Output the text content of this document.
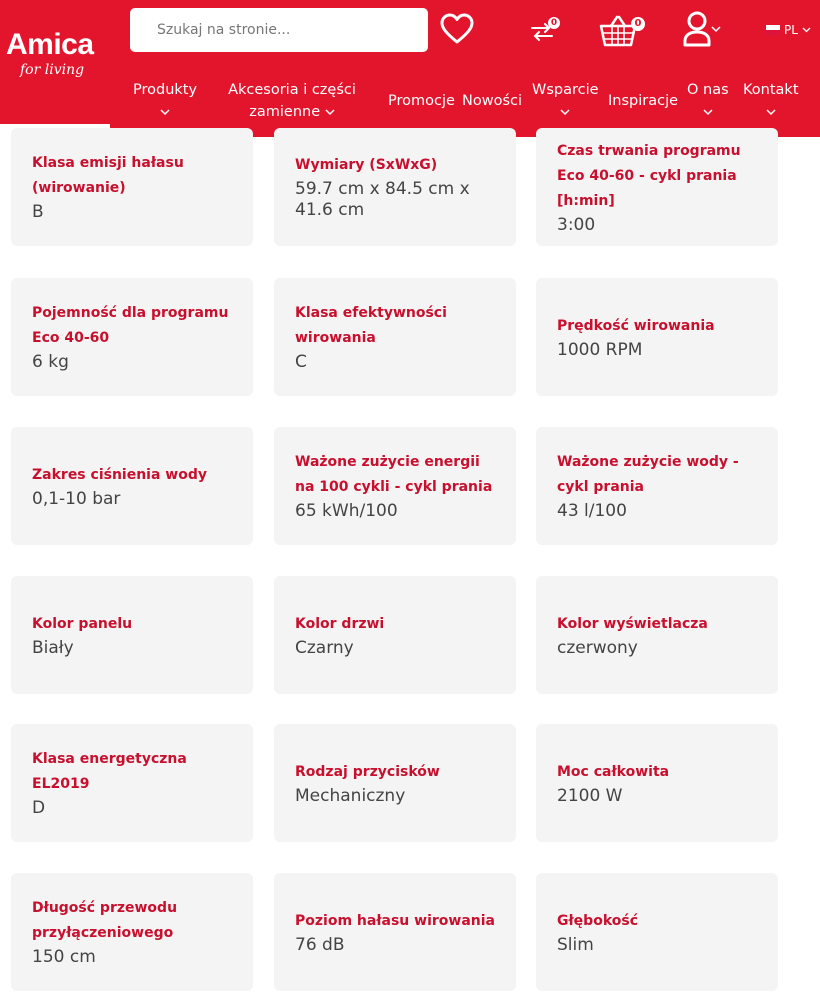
Amica
for living
Szukaj na stronie...
0	0	PL
Produkty Akcesoria i części zamienne
Promocje Nowości
Wsparcie
Inspiracje
O nas Kontakt
Klasa emisji hałasu (wirowanie)
B
Wymiary (SxWxG)
59.7 cm x 84.5 cm x 41.6 cm
Czas trwania programu Eco 40-60 - cykl prania [h:min]
3:00
Pojemność dla programu Eco 40-60
6 kg
Klasa efektywności wirowania
C
Prędkość wirowania
1000 RPM
Zakres ciśnienia wody
0,1-10 bar
Ważone zużycie energii na 100 cykli - cykl prania
65 kWh/100
Ważone zużycie wody - cykl prania
43 l/100
Kolor panelu
Biały
Kolor drzwi
Czarny
Kolor wyświetlacza
czerwony
Klasa energetyczna EL2019
D
Rodzaj przycisków
Mechaniczny
Moc całkowita
2100 W
Długość przewodu przyłączeniowego
150 cm
Poziom hałasu wirowania
76 dB
Głębokość
Slim
